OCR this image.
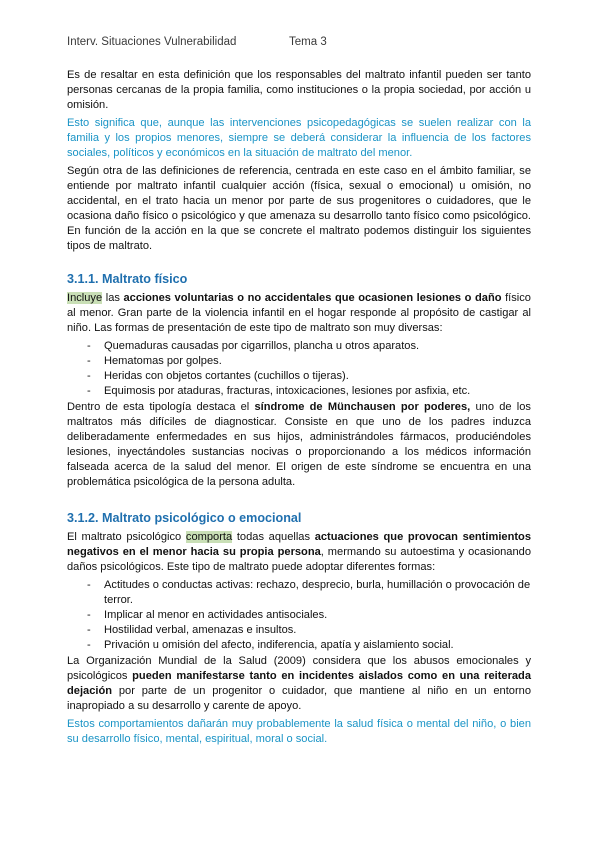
Interv. Situaciones Vulnerabilidad	Tema 3

Es de resaltar en esta definición que los responsables del maltrato infantil pueden ser tanto personas cercanas de la propia familia, como instituciones o la propia sociedad, por acción u omisión.

Esto significa que, aunque las intervenciones psicopedagógicas se suelen realizar con la familia y los propios menores, siempre se deberá considerar la influencia de los factores sociales, políticos y económicos en la situación de maltrato del menor.

Según otra de las definiciones de referencia, centrada en este caso en el ámbito familiar, se entiende por maltrato infantil cualquier acción (física, sexual o emocional) u omisión, no accidental, en el trato hacia un menor por parte de sus progenitores o cuidadores, que le ocasiona daño físico o psicológico y que amenaza su desarrollo tanto físico como psicológico. En función de la acción en la que se concrete el maltrato podemos distinguir los siguientes tipos de maltrato.

3.1.1. Maltrato físico

Incluye las acciones voluntarias o no accidentales que ocasionen lesiones o daño físico al menor. Gran parte de la violencia infantil en el hogar responde al propósito de castigar al niño. Las formas de presentación de este tipo de maltrato son muy diversas:

- Quemaduras causadas por cigarrillos, plancha u otros aparatos.
- Hematomas por golpes.
- Heridas con objetos cortantes (cuchillos o tijeras).
- Equimosis por ataduras, fracturas, intoxicaciones, lesiones por asfixia, etc.

Dentro de esta tipología destaca el síndrome de Münchausen por poderes, uno de los maltratos más difíciles de diagnosticar. Consiste en que uno de los padres induzca deliberadamente enfermedades en sus hijos, administrándoles fármacos, produciéndoles lesiones, inyectándoles sustancias nocivas o proporcionando a los médicos información falseada acerca de la salud del menor. El origen de este síndrome se encuentra en una problemática psicológica de la persona adulta.

3.1.2. Maltrato psicológico o emocional

El maltrato psicológico comporta todas aquellas actuaciones que provocan sentimientos negativos en el menor hacia su propia persona, mermando su autoestima y ocasionando daños psicológicos. Este tipo de maltrato puede adoptar diferentes formas:

- Actitudes o conductas activas: rechazo, desprecio, burla, humillación o provocación de terror.
- Implicar al menor en actividades antisociales.
- Hostilidad verbal, amenazas e insultos.
- Privación u omisión del afecto, indiferencia, apatía y aislamiento social.

La Organización Mundial de la Salud (2009) considera que los abusos emocionales y psicológicos pueden manifestarse tanto en incidentes aislados como en una reiterada dejación por parte de un progenitor o cuidador, que mantiene al niño en un entorno inapropiado a su desarrollo y carente de apoyo.

Estos comportamientos dañarán muy probablemente la salud física o mental del niño, o bien su desarrollo físico, mental, espiritual, moral o social.
